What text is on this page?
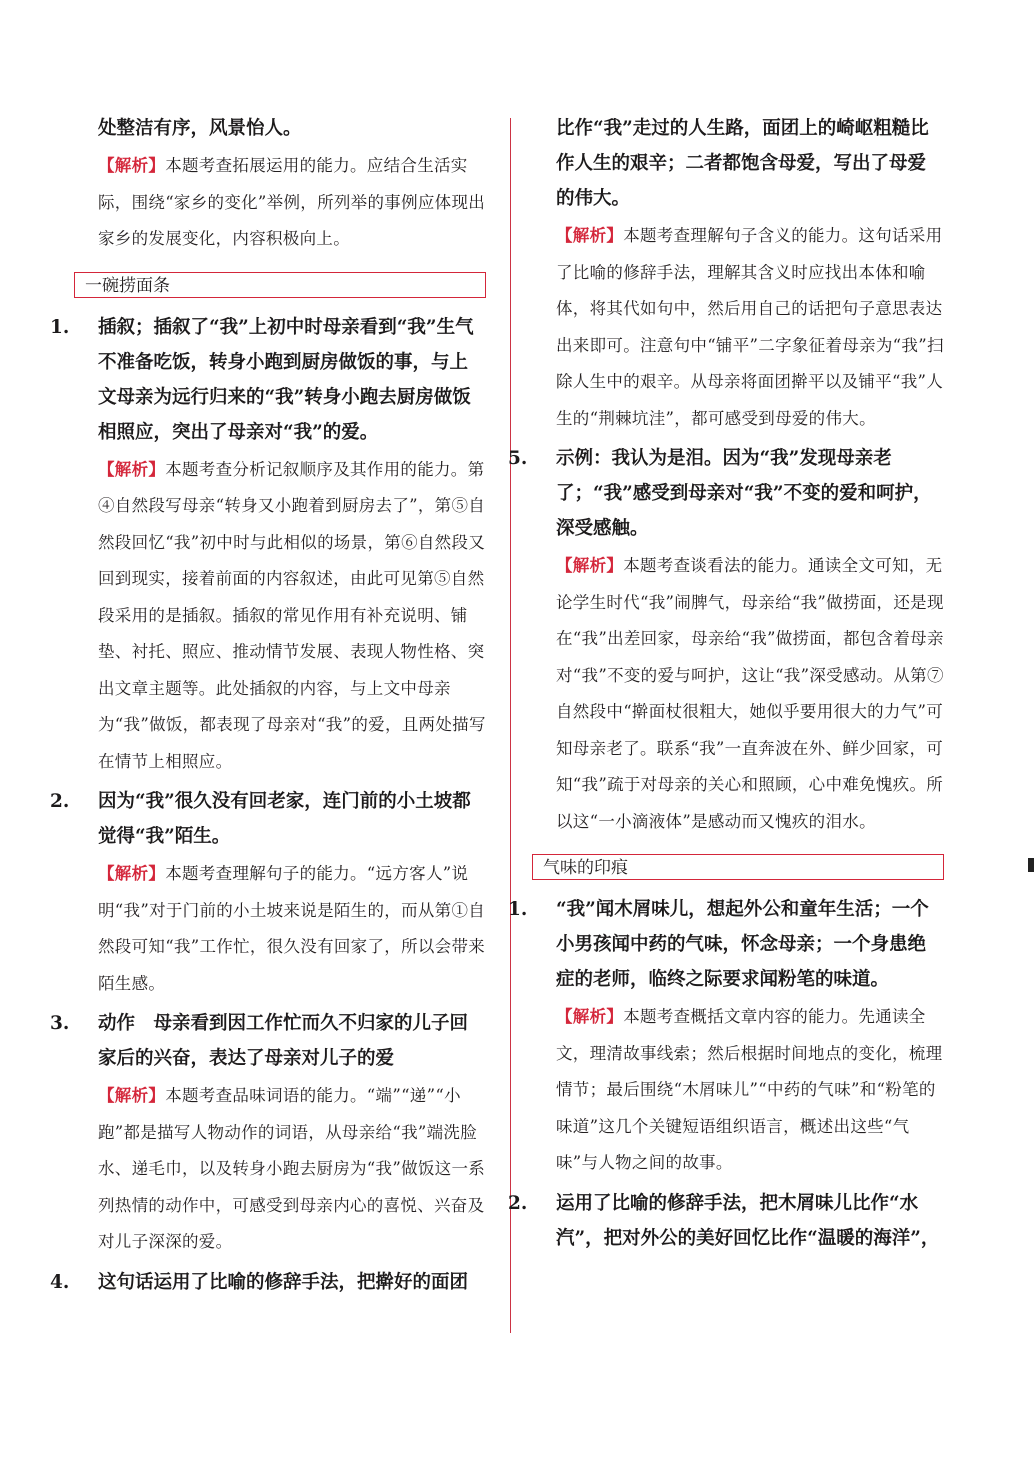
处整洁有序，风景怡人。

【解析】本题考查拓展运用的能力。应结合生活实际，围绕“家乡的变化”举例，所列举的事例应体现出家乡的发展变化，内容积极向上。
一碗捞面条

1. 插叙；插叙了“我”上初中时母亲看到“我”生气不准备吃饭，转身小跑到厨房做饭的事，与上文母亲为远行归来的“我”转身小跑去厨房做饭相照应，突出了母亲对“我”的爱。

【解析】本题考查分析记叙顺序及其作用的能力。第④自然段写母亲“转身又小跑着到厨房去了”，第⑤自然段回忆“我”初中时与此相似的场景，第⑥自然段又回到现实，接着前面的内容叙述，由此可见第⑤自然段采用的是插叙。插叙的常见作用有补充说明、铺垫、衬托、照应、推动情节发展、表现人物性格、突出文章主题等。此处插叙的内容，与上文中母亲为“我”做饭，都表现了母亲对“我”的爱，且两处描写在情节上相照应。

2. 因为“我”很久没有回老家，连门前的小土坡都觉得“我”陌生。

【解析】本题考查理解句子的能力。“远方客人”说明“我”对于门前的小土坡来说是陌生的，而从第①自然段可知“我”工作忙，很久没有回家了，所以会带来陌生感。

3. 动作　母亲看到因工作忙而久不归家的儿子回家后的兴奋，表达了母亲对儿子的爱

【解析】本题考查品味词语的能力。“端”“递”“小跑”都是描写人物动作的词语，从母亲给“我”端洗脸水、递毛巾，以及转身小跑去厨房为“我”做饭这一系列热情的动作中，可感受到母亲内心的喜悦、兴奋及对儿子深深的爱。

4. 这句话运用了比喻的修辞手法，把擀好的面团

比作“我”走过的人生路，面团上的崎岖粗糙比作人生的艰辛；二者都饱含母爱，写出了母爱的伟大。

【解析】本题考查理解句子含义的能力。这句话采用了比喻的修辞手法，理解其含义时应找出本体和喻体，将其代如句中，然后用自己的话把句子意思表达出来即可。注意句中“铺平”二字象征着母亲为“我”扫除人生中的艰辛。从母亲将面团擀平以及铺平“我”人生的“荆棘坑洼”，都可感受到母爱的伟大。

5. 示例：我认为是泪。因为“我”发现母亲老了；“我”感受到母亲对“我”不变的爱和呵护，深受感触。

【解析】本题考查谈看法的能力。通读全文可知，无论学生时代“我”闹脾气，母亲给“我”做捞面，还是现在“我”出差回家，母亲给“我”做捞面，都包含着母亲对“我”不变的爱与呵护，这让“我”深受感动。从第⑦自然段中“擀面杖很粗大，她似乎要用很大的力气”可知母亲老了。联系“我”一直奔波在外、鲜少回家，可知“我”疏于对母亲的关心和照顾，心中难免愧疚。所以这“一小滴液体”是感动而又愧疚的泪水。
气味的印痕

1. “我”闻木屑味儿，想起外公和童年生活；一个小男孩闻中药的气味，怀念母亲；一个身患绝症的老师，临终之际要求闻粉笔的味道。

【解析】本题考查概括文章内容的能力。先通读全文，理清故事线索；然后根据时间地点的变化，梳理情节；最后围绕“木屑味儿”“中药的气味”和“粉笔的味道”这几个关键短语组织语言，概述出这些“气味”与人物之间的故事。

2. 运用了比喻的修辞手法，把木屑味儿比作“水汽”，把对外公的美好回忆比作“温暖的海洋”，
